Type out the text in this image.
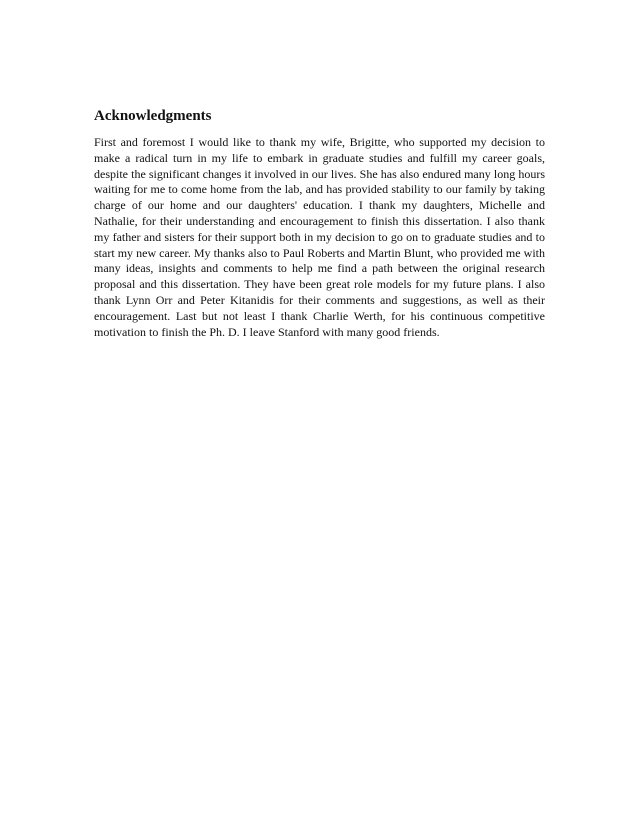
Acknowledgments

First and foremost I would like to thank my wife, Brigitte, who supported my decision to make a radical turn in my life to embark in graduate studies and fulfill my career goals, despite the significant changes it involved in our lives. She has also endured many long hours waiting for me to come home from the lab, and has provided stability to our family by taking charge of our home and our daughters' education. I thank my daughters, Michelle and Nathalie, for their understanding and encouragement to finish this dissertation. I also thank my father and sisters for their support both in my decision to go on to graduate studies and to start my new career. My thanks also to Paul Roberts and Martin Blunt, who provided me with many ideas, insights and comments to help me find a path between the original research proposal and this dissertation. They have been great role models for my future plans. I also thank Lynn Orr and Peter Kitanidis for their comments and suggestions, as well as their encouragement. Last but not least I thank Charlie Werth, for his continuous competitive motivation to finish the Ph. D. I leave Stanford with many good friends.
